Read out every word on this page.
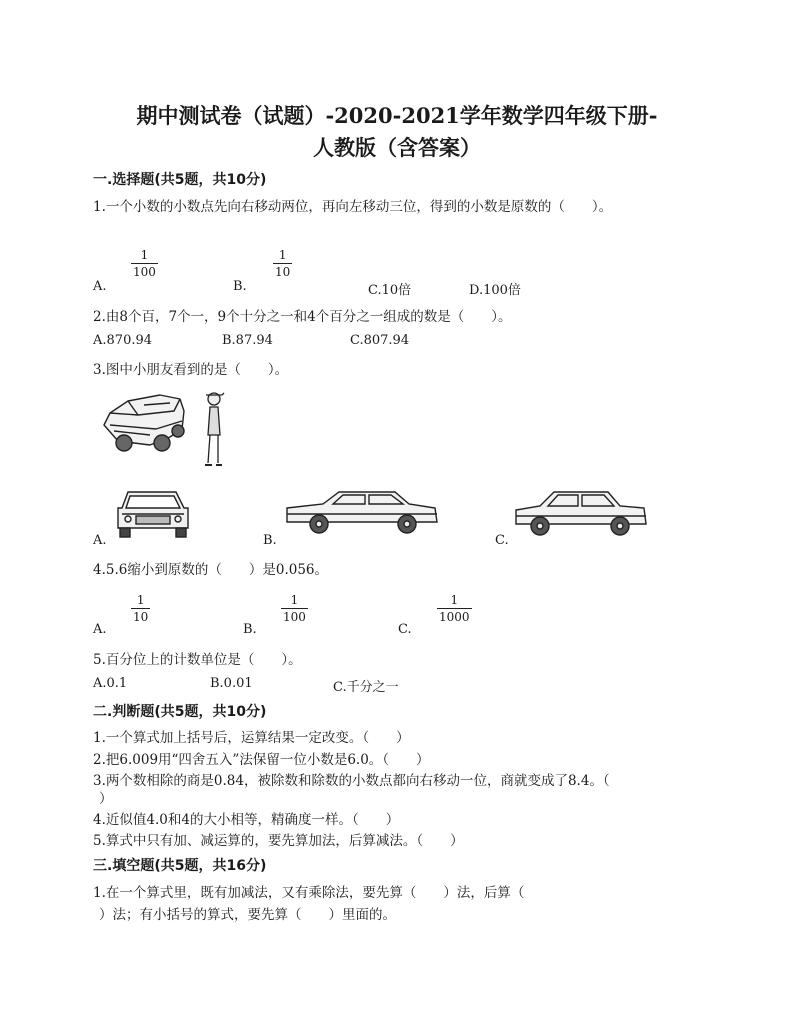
期中测试卷（试题）-2020-2021学年数学四年级下册-
人教版（含答案）
一.选择题(共5题，共10分)
1.一个小数的小数点先向右移动两位，再向左移动三位，得到的小数是原数的（　　）。
A.
1
100
B.
1
10
C.10倍	D.100倍
2.由8个百，7个一，9个十分之一和4个百分之一组成的数是（　　）。
A.870.94	B.87.94	C.807.94
3.图中小朋友看到的是（　　）。
A.	B.	C.
4.5.6缩小到原数的（　　）是0.056。
A.
1
10
B.
1
100
C.
1
1000
5.百分位上的计数单位是（　　）。
A.0.1	B.0.01	C.千分之一
二.判断题(共5题，共10分)
1.一个算式加上括号后，运算结果一定改变。（　　）
2.把6.009用“四舍五入”法保留一位小数是6.0。（　　）
3.两个数相除的商是0.84，被除数和除数的小数点都向右移动一位，商就变成了8.4。（
）
4.近似值4.0和4的大小相等，精确度一样。（　　）
5.算式中只有加、减运算的，要先算加法，后算减法。（　　）
三.填空题(共5题，共16分)
1.在一个算式里，既有加减法，又有乘除法，要先算（　　）法，后算（
）法；有小括号的算式，要先算（　　）里面的。
